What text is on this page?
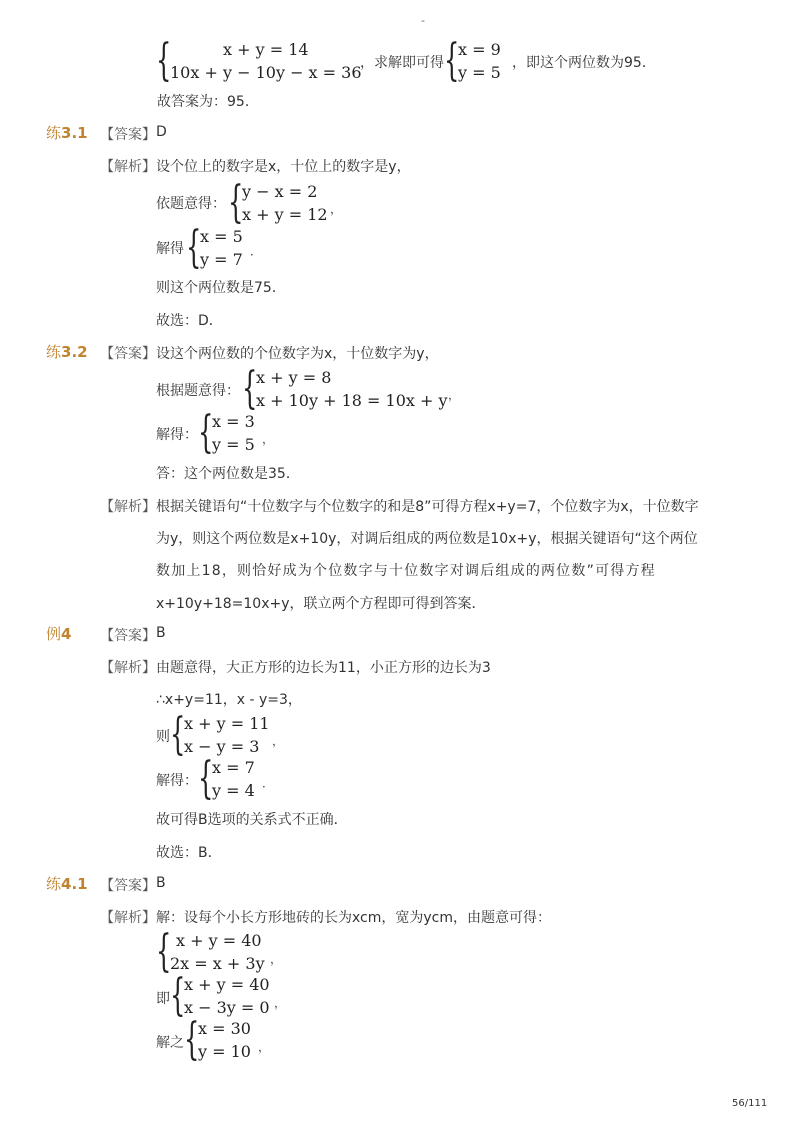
-
{	x + y = 14
10x + y − 10y − x = 36
，求解即可得 {
x = 9
y = 5 ，即这个两位数为95．
故答案为：95.
练3.1 【答案】 D
【解析】 设个位上的数字是x，十位上的数字是y，
依题意得： {
y − x = 2
x + y = 12 ，
解得 {
x = 5
y = 7 ．
则这个两位数是75．
故选：D．
练3.2 【答案】 设这个两位数的个位数字为x，十位数字为y，
根据题意得： {
x + y = 8
x + 10y + 18 = 10x + y ，
解得： {
x = 3
y = 5 ，
答：这个两位数是35．
【解析】 根据关键语句“十位数字与个位数字的和是8”可得方程x+y=7，个位数字为x，十位数字
为y，则这个两位数是x+10y，对调后组成的两位数是10x+y，根据关键语句“这个两位
数加上18，则恰好成为个位数字与十位数字对调后组成的两位数”可得方程
x+10y+18=10x+y，联立两个方程即可得到答案．
例4 【答案】 B
【解析】 由题意得，大正方形的边长为11，小正方形的边长为3
∴x+y=11，x - y=3，
则 {
x + y = 11
x − y = 3	，
解得： {
x = 7
y = 4 ．
故可得B选项的关系式不正确．
故选：B．
练4.1 【答案】 B
【解析】 解：设每个小长方形地砖的长为xcm，宽为ycm，由题意可得：
{ x + y = 40
2x = x + 3y ，
即 {
x + y = 40
x − 3y = 0 ，
解之 {
x = 30
y = 10 ，
56/111
